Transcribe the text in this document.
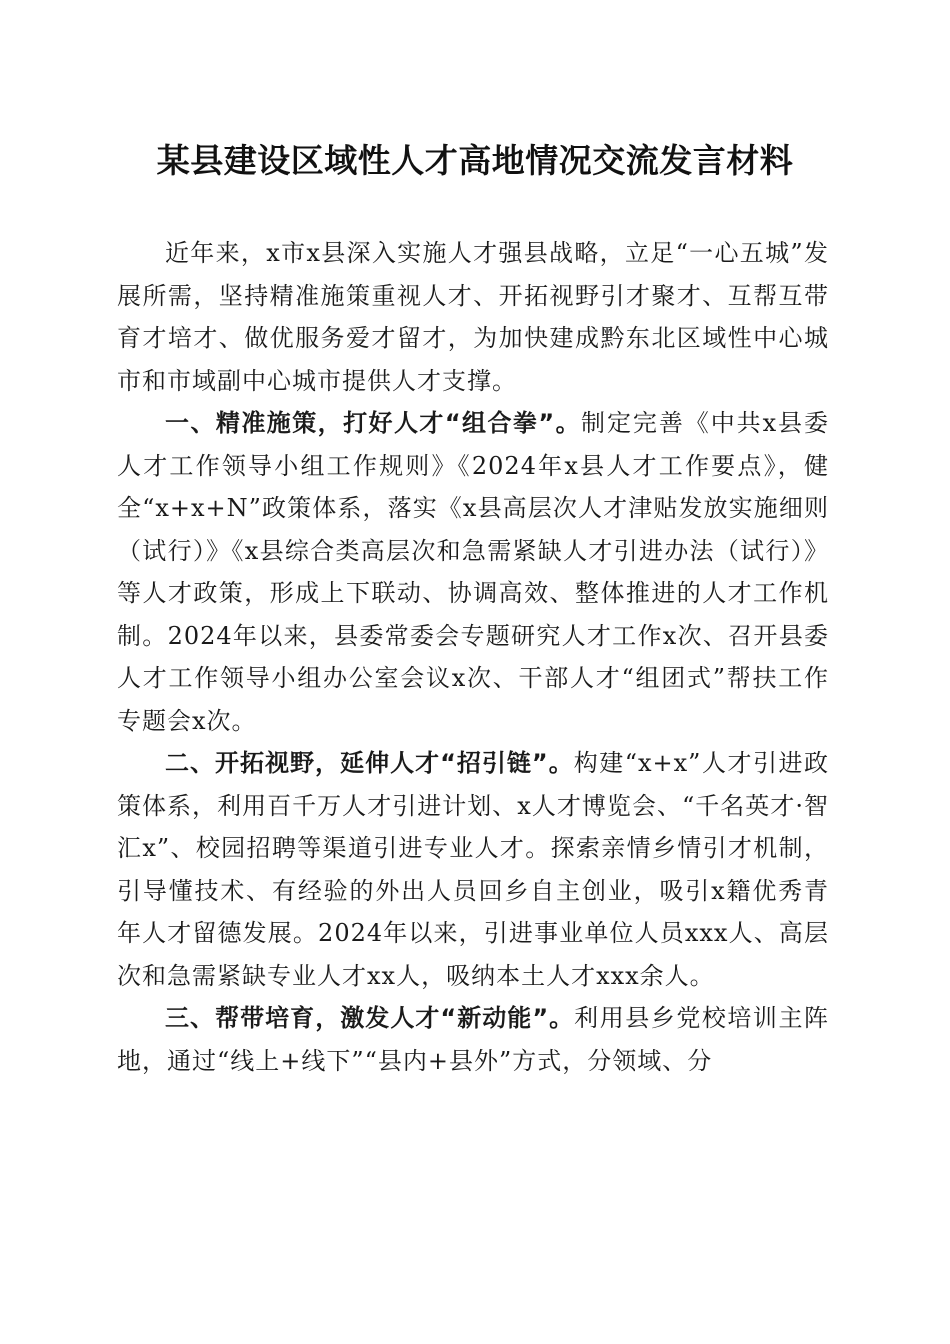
某县建设区域性人才高地情况交流发言材料

近年来，x市x县深入实施人才强县战略，立足“一心五城”发展所需，坚持精准施策重视人才、开拓视野引才聚才、互帮互带育才培才、做优服务爱才留才，为加快建成黔东北区域性中心城市和市域副中心城市提供人才支撑。

一、精准施策，打好人才“组合拳”。制定完善《中共x县委人才工作领导小组工作规则》《2024年x县人才工作要点》，健全“x+x+N”政策体系，落实《x县高层次人才津贴发放实施细则（试行）》《x县综合类高层次和急需紧缺人才引进办法（试行）》等人才政策，形成上下联动、协调高效、整体推进的人才工作机制。2024年以来，县委常委会专题研究人才工作x次、召开县委人才工作领导小组办公室会议x次、干部人才“组团式”帮扶工作专题会x次。

二、开拓视野，延伸人才“招引链”。构建“x+x”人才引进政策体系，利用百千万人才引进计划、x人才博览会、“千名英才·智汇x”、校园招聘等渠道引进专业人才。探索亲情乡情引才机制，引导懂技术、有经验的外出人员回乡自主创业，吸引x籍优秀青年人才留德发展。2024年以来，引进事业单位人员xxx人、高层次和急需紧缺专业人才xx人，吸纳本土人才xxx余人。

三、帮带培育，激发人才“新动能”。利用县乡党校培训主阵地，通过“线上+线下”“县内+县外”方式，分领域、分
